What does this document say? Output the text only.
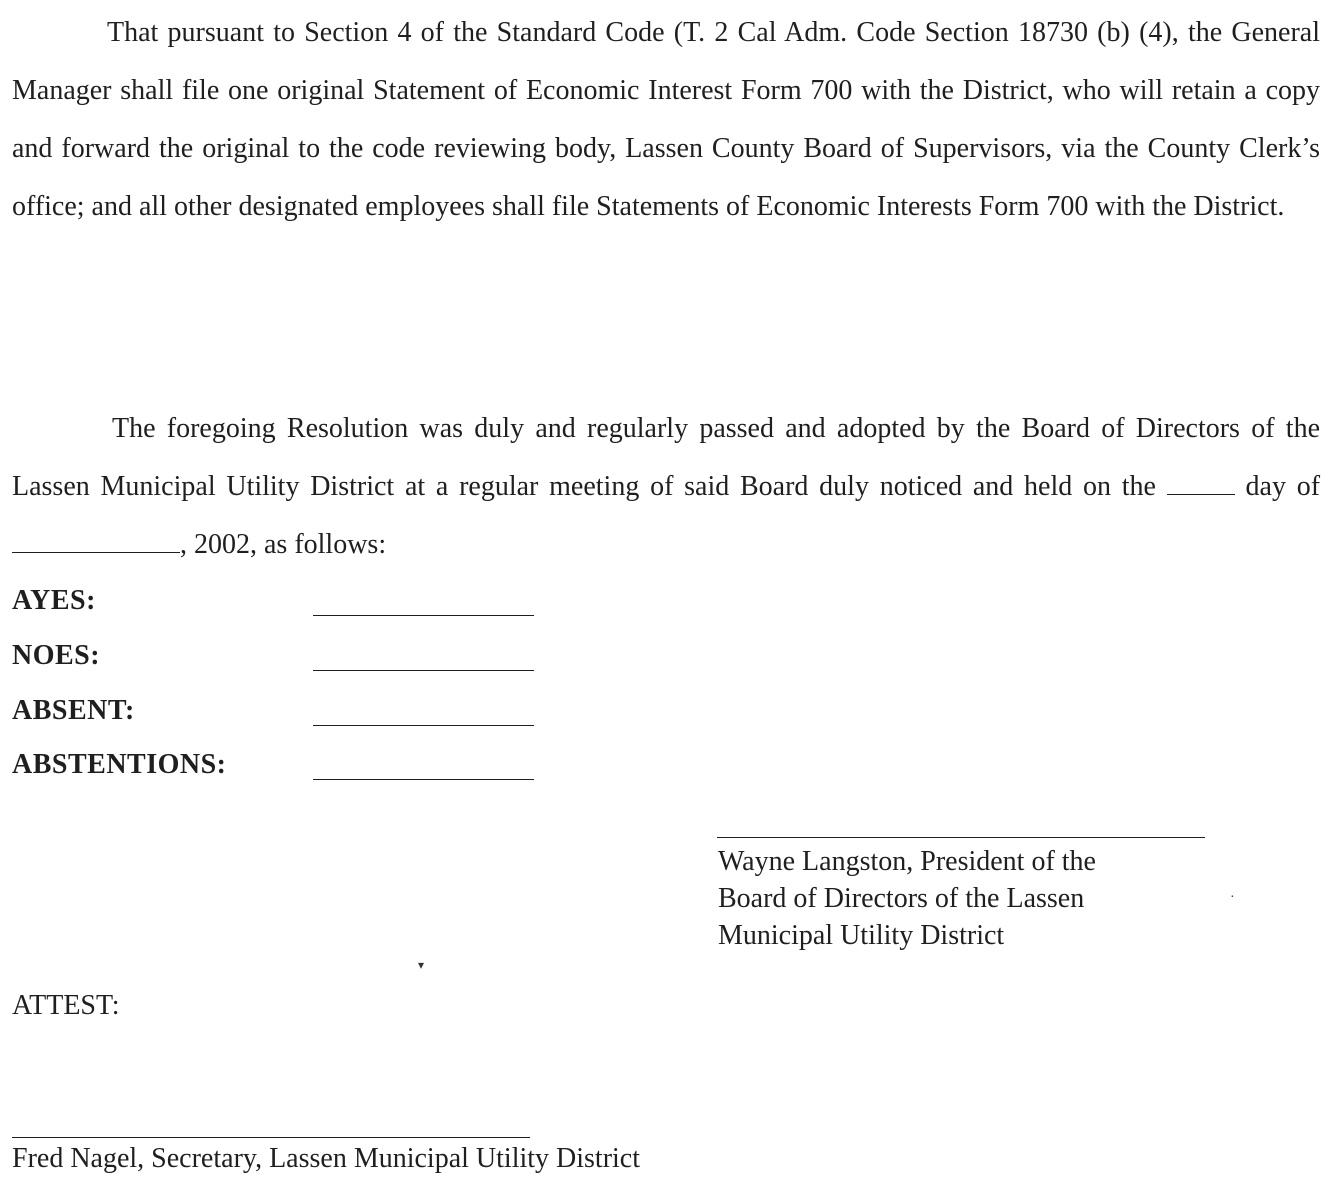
That pursuant to Section 4 of the Standard Code (T. 2 Cal Adm. Code Section 18730 (b) (4), the General Manager shall file one original Statement of Economic Interest Form 700 with the District, who will retain a copy and forward the original to the code reviewing body, Lassen County Board of Supervisors, via the County Clerk’s office; and all other designated employees shall file Statements of Economic Interests Form 700 with the District.

The foregoing Resolution was duly and regularly passed and adopted by the Board of Directors of the Lassen Municipal Utility District at a regular meeting of said Board duly noticed and held on the	day of , 2002, as follows:

AYES:
NOES:
ABSENT:
ABSTENTIONS:
Wayne Langston, President of the
Board of Directors of the Lassen
Municipal Utility District
·
▾
ATTEST:
Fred Nagel, Secretary, Lassen Municipal Utility District
